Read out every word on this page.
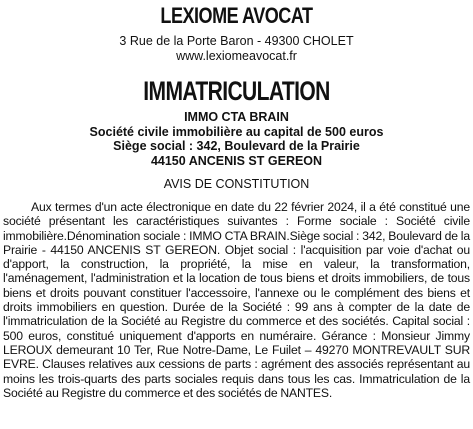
LEXIOME AVOCAT
3 Rue de la Porte Baron - 49300 CHOLET
www.lexiomeavocat.fr
IMMATRICULATION
IMMO CTA BRAIN
Société civile immobilière au capital de 500 euros
Siège social : 342, Boulevard de la Prairie
44150 ANCENIS ST GEREON
AVIS DE CONSTITUTION

Aux termes d'un acte électronique en date du 22 février 2024, il a été constitué une société présentant les caractéristiques suivantes : Forme sociale : Société civile immobilière.Dénomination sociale : IMMO CTA BRAIN.Siège social : 342, Boulevard de la Prairie - 44150 ANCENIS ST GEREON. Objet social : l'acquisition par voie d'achat ou d'apport, la construction, la propriété, la mise en valeur, la transformation, l'aménagement, l'administration et la location de tous biens et droits immobiliers, de tous biens et droits pouvant constituer l'accessoire, l'annexe ou le complément des biens et droits immobiliers en question. Durée de la Société : 99 ans à compter de la date de l'immatriculation de la Société au Registre du commerce et des sociétés. Capital social : 500 euros, constitué uniquement d'apports en numéraire. Gérance : Monsieur Jimmy LEROUX demeurant 10 Ter, Rue Notre-Dame, Le Fuilet – 49270 MONTREVAULT SUR EVRE. Clauses relatives aux cessions de parts : agrément des associés représentant au moins les trois-quarts des parts sociales requis dans tous les cas. Immatriculation de la Société au Registre du commerce et des sociétés de NANTES.
